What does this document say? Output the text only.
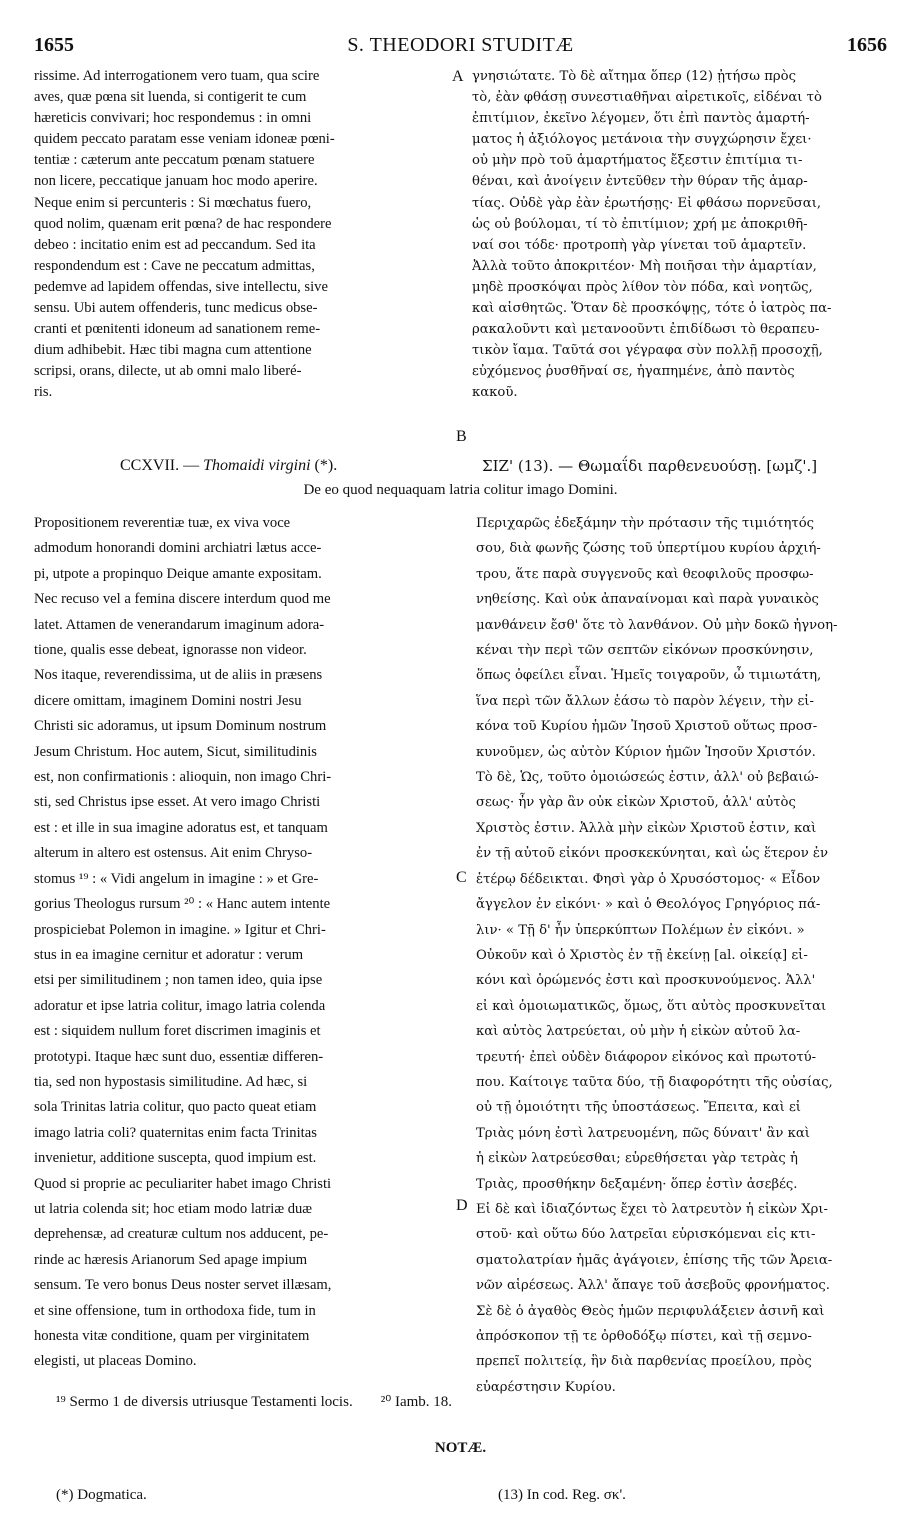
1655	S. THEODORI STUDITÆ	1656
rissime. Ad interrogationem vero tuam, qua scire
aves, quæ pœna sit luenda, si contigerit te cum
hæreticis convivari; hoc respondemus : in omni
quidem peccato paratam esse veniam idoneæ pœni-
tentiæ : cæterum ante peccatum pœnam statuere
non licere, peccatique januam hoc modo aperire.
Neque enim si percunteris : Si mœchatus fuero,
quod nolim, quænam erit pœna? de hac respondere
debeo : incitatio enim est ad peccandum. Sed ita
respondendum est : Cave ne peccatum admittas,
pedemve ad lapidem offendas, sive intellectu, sive
sensu. Ubi autem offenderis, tunc medicus obse-
cranti et pœnitenti idoneum ad sanationem reme-
dium adhibebit. Hæc tibi magna cum attentione
scripsi, orans, dilecte, ut ab omni malo liberé-
ris.
γνησιώτατε. Τὸ δὲ αἴτημα ὅπερ (12) ᾐτήσω πρὸς
τὸ, ἐὰν φθάσῃ συνεστιαθῆναι αἱρετικοῖς, εἰδέναι τὸ
ἐπιτίμιον, ἐκεῖνο λέγομεν, ὅτι ἐπὶ παντὸς ἁμαρτή-
ματος ἡ ἀξιόλογος μετάνοια τὴν συγχώρησιν ἔχει·
οὐ μὴν πρὸ τοῦ ἁμαρτήματος ἔξεστιν ἐπιτίμια τι-
θέναι, καὶ ἀνοίγειν ἐντεῦθεν τὴν θύραν τῆς ἁμαρ-
τίας. Οὐδὲ γὰρ ἐὰν ἐρωτήσῃς· Εἰ φθάσω πορνεῦσαι,
ὡς οὐ βούλομαι, τί τὸ ἐπιτίμιον; χρή με ἀποκριθῆ-
ναί σοι τόδε· προτροπὴ γὰρ γίνεται τοῦ ἁμαρτεῖν.
Ἀλλὰ τοῦτο ἀποκριτέον· Μὴ ποιῆσαι τὴν ἁμαρτίαν,
μηδὲ προσκόψαι πρὸς λίθον τὸν πόδα, καὶ νοητῶς,
καὶ αἰσθητῶς. Ὅταν δὲ προσκόψῃς, τότε ὁ ἰατρὸς πα-
ρακαλοῦντι καὶ μετανοοῦντι ἐπιδίδωσι τὸ θεραπευ-
τικὸν ἴαμα. Ταῦτά σοι γέγραφα σὺν πολλῇ προσοχῇ,
εὐχόμενος ῥυσθῆναί σε, ἠγαπημένε, ἀπὸ παντὸς
κακοῦ.
A
B
CCXVII. — Thomaidi virgini (*).	ΣΙΖ' (13). — Θωμαΐδι παρθενευούσῃ. [ωμζ'.]
De eo quod nequaquam latria colitur imago Domini.
Propositionem reverentiæ tuæ, ex viva voce
admodum honorandi domini archiatri lætus acce-
pi, utpote a propinquo Deique amante expositam.
Nec recuso vel a femina discere interdum quod me
latet. Attamen de venerandarum imaginum adora-
tione, qualis esse debeat, ignorasse non videor.
Nos itaque, reverendissima, ut de aliis in præsens
dicere omittam, imaginem Domini nostri Jesu
Christi sic adoramus, ut ipsum Dominum nostrum
Jesum Christum. Hoc autem, Sicut, similitudinis
est, non confirmationis : alioquin, non imago Chri-
sti, sed Christus ipse esset. At vero imago Christi
est : et ille in sua imagine adoratus est, et tanquam
alterum in altero est ostensus. Ait enim Chryso-
stomus ¹⁹ : « Vidi angelum in imagine : » et Gre-
gorius Theologus rursum ²⁰ : « Hanc autem intente
prospiciebat Polemon in imagine. » Igitur et Chri-
stus in ea imagine cernitur et adoratur : verum
etsi per similitudinem ; non tamen ideo, quia ipse
adoratur et ipse latria colitur, imago latria colenda
est : siquidem nullum foret discrimen imaginis et
prototypi. Itaque hæc sunt duo, essentiæ differen-
tia, sed non hypostasis similitudine. Ad hæc, si
sola Trinitas latria colitur, quo pacto queat etiam
imago latria coli? quaternitas enim facta Trinitas
invenietur, additione suscepta, quod impium est.
Quod si proprie ac peculiariter habet imago Christi
ut latria colenda sit; hoc etiam modo latriæ duæ
deprehensæ, ad creaturæ cultum nos adducent, pe-
rinde ac hæresis Arianorum Sed apage impium
sensum. Te vero bonus Deus noster servet illæsam,
et sine offensione, tum in orthodoxa fide, tum in
honesta vitæ conditione, quam per virginitatem
elegisti, ut placeas Domino.
Περιχαρῶς ἐδεξάμην τὴν πρότασιν τῆς τιμιότητός
σου, διὰ φωνῆς ζώσης τοῦ ὑπερτίμου κυρίου ἀρχιή-
τρου, ἅτε παρὰ συγγενοῦς καὶ θεοφιλοῦς προσφω-
νηθείσης. Καὶ οὐκ ἀπαναίνομαι καὶ παρὰ γυναικὸς
μανθάνειν ἔσθ' ὅτε τὸ λανθάνον. Οὐ μὴν δοκῶ ἠγνοη-
κέναι τὴν περὶ τῶν σεπτῶν εἰκόνων προσκύνησιν,
ὅπως ὀφείλει εἶναι. Ἡμεῖς τοιγαροῦν, ὦ τιμιωτάτη,
ἵνα περὶ τῶν ἄλλων ἐάσω τὸ παρὸν λέγειν, τὴν εἰ-
κόνα τοῦ Κυρίου ἡμῶν Ἰησοῦ Χριστοῦ οὕτως προσ-
κυνοῦμεν, ὡς αὐτὸν Κύριον ἡμῶν Ἰησοῦν Χριστόν.
Τὸ δὲ, Ὡς, τοῦτο ὁμοιώσεώς ἐστιν, ἀλλ' οὐ βεβαιώ-
σεως· ἦν γὰρ ἂν οὐκ εἰκὼν Χριστοῦ, ἀλλ' αὐτὸς
Χριστὸς ἐστιν. Ἀλλὰ μὴν εἰκὼν Χριστοῦ ἐστιν, καὶ
ἐν τῇ αὐτοῦ εἰκόνι προσκεκύνηται, καὶ ὡς ἕτερον ἐν
ἑτέρῳ δέδεικται. Φησὶ γὰρ ὁ Χρυσόστομος· « Εἶδον
ἄγγελον ἐν εἰκόνι· » καὶ ὁ Θεολόγος Γρηγόριος πά-
λιν· « Τῇ δ' ἦν ὑπερκύπτων Πολέμων ἐν εἰκόνι. »
Οὐκοῦν καὶ ὁ Χριστὸς ἐν τῇ ἐκείνῃ [al. οἰκείᾳ] εἰ-
κόνι καὶ ὁρώμενός ἐστι καὶ προσκυνούμενος. Ἀλλ'
εἰ καὶ ὁμοιωματικῶς, ὅμως, ὅτι αὐτὸς προσκυνεῖται
καὶ αὐτὸς λατρεύεται, οὐ μὴν ἡ εἰκὼν αὐτοῦ λα-
τρευτή· ἐπεὶ οὐδὲν διάφορον εἰκόνος καὶ πρωτοτύ-
που. Καίτοιγε ταῦτα δύο, τῇ διαφορότητι τῆς οὐσίας,
οὐ τῇ ὁμοιότητι τῆς ὑποστάσεως. Ἔπειτα, καὶ εἰ
Τριὰς μόνη ἐστὶ λατρευομένη, πῶς δύναιτ' ἂν καὶ
ἡ εἰκὼν λατρεύεσθαι; εὑρεθήσεται γὰρ τετρὰς ἡ
Τριὰς, προσθήκην δεξαμένη· ὅπερ ἐστὶν ἀσεβές.
Εἰ δὲ καὶ ἰδιαζόντως ἔχει τὸ λατρευτὸν ἡ εἰκὼν Χρι-
στοῦ· καὶ οὕτω δύο λατρεῖαι εὑρισκόμεναι εἰς κτι-
σματολατρίαν ἡμᾶς ἀγάγοιεν, ἐπίσης τῆς τῶν Ἀρεια-
νῶν αἱρέσεως. Ἀλλ' ἄπαγε τοῦ ἀσεβοῦς φρονήματος.
Σὲ δὲ ὁ ἀγαθὸς Θεὸς ἡμῶν περιφυλάξειεν ἀσινῆ καὶ
ἀπρόσκοπον τῇ τε ὀρθοδόξῳ πίστει, καὶ τῇ σεμνο-
πρεπεῖ πολιτείᾳ, ἣν διὰ παρθενίας προείλου, πρὸς
εὐαρέστησιν Κυρίου.
C
D
¹⁹ Sermo 1 de diversis utriusque Testamenti locis. ²⁰ Iamb. 18.
NOTÆ.
(*) Dogmatica.	(13) In cod. Reg. σκ'.
